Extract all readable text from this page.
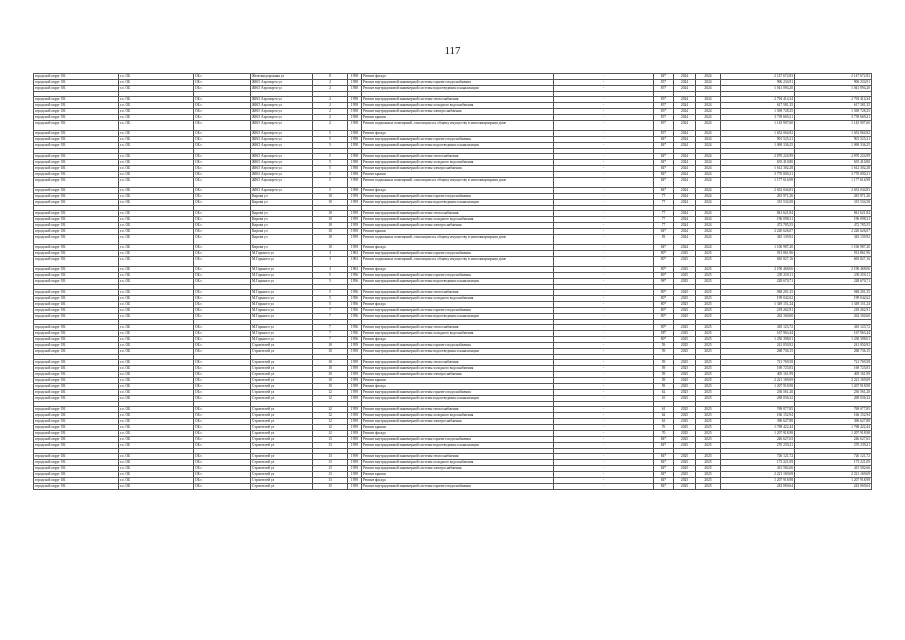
117
городской округ ОБ	г.о. ОБ	ОБ г.	Железнодорожная ул	8	1958	Ремонт фасада	-	84*	2024	2024	2 147 672,83	2 147 672,83
городской округ ОБ	г.о. ОБ	ОБ г.	ЖКО Аэропорта ул	2	1958	Ремонт внутридомовой инженерной системы горячего водоснабжения	-	83*	2024	2024	906 234,91	906 234,91
городской округ ОБ	г.о. ОБ	ОБ г.	ЖКО Аэропорта ул	2	1958	Ремонт внутридомовой инженерной системы водоотведения и канализации	-	83*	2024	2024	1 041 094,20	1 041 094,20

городской округ ОБ	г.о. ОБ	ОБ г.	ЖКО Аэропорта ул	2	1958	Ремонт внутридомовой инженерной системы теплоснабжения	-	83*	2024	2024	2 794 414,34	2 794 414,34
городской округ ОБ	г.о. ОБ	ОБ г.	ЖКО Аэропорта ул	2	1958	Ремонт внутридомовой инженерной системы холодного водоснабжения	-	83*	2024	2024	617 581,35	617 581,35
городской округ ОБ	г.о. ОБ	ОБ г.	ЖКО Аэропорта ул	2	1958	Ремонт внутридомовой инженерной системы электроснабжения	-	83*	2024	2024	1 569 728,25	1 569 728,25
городской округ ОБ	г.о. ОБ	ОБ г.	ЖКО Аэропорта ул	2	1958	Ремонт крыши	-	83*	2024	2024	3 739 669,21	3 739 669,21
городской округ ОБ	г.о. ОБ	ОБ г.	ЖКО Аэропорта ул	2	1958	Ремонт подвальных помещений, относящихся к общему имуществу в многоквартирном доме	-	83*	2024	2024	1 145 907,60	1 145 907,60
городской округ ОБ	г.о. ОБ	ОБ г.	ЖКО Аэропорта ул	5	1958	Ремонт фасада	-	83*	2024	2024	1 652 064,82	1 652 064,82
городской округ ОБ	г.о. ОБ	ОБ г.	ЖКО Аэропорта ул	5	1958	Ремонт внутридомовой инженерной системы горячего водоснабжения	-	84*	2024	2024	901 525,21	901 525,21
городской округ ОБ	г.о. ОБ	ОБ г.	ЖКО Аэропорта ул	5	1958	Ремонт внутридомовой инженерной системы водоотведения и канализации	-	84*	2024	2024	1 069 336,25	1 069 336,25

городской округ ОБ	г.о. ОБ	ОБ г.	ЖКО Аэропорта ул	5	1958	Ремонт внутридомовой инженерной системы теплоснабжения	-	84*	2024	2024	2 870 224,99	2 870 224,99
городской округ ОБ	г.о. ОБ	ОБ г.	ЖКО Аэропорта ул	5	1958	Ремонт внутридомовой инженерной системы холодного водоснабжения	-	84*	2024	2024	635 410,80	635 410,80
городской округ ОБ	г.о. ОБ	ОБ г.	ЖКО Аэропорта ул	5	1958	Ремонт внутридомовой инженерной системы электроснабжения	-	84*	2024	2024	1 612 302,28	1 612 302,28
городской округ ОБ	г.о. ОБ	ОБ г.	ЖКО Аэропорта ул	5	1958	Ремонт крыши	-	84*	2024	2024	3 770 000,21	3 770 000,21
городской округ ОБ	г.о. ОБ	ОБ г.	ЖКО Аэропорта ул	5	1958	Ремонт подвальных помещений, относящихся к общему имуществу в многоквартирном доме	-	84*	2024	2024	1 177 616,98	1 177 616,98
городской округ ОБ	г.о. ОБ	ОБ г.	ЖКО Аэропорта ул	5	1958	Ремонт фасада	-	84*	2024	2024	2 652 044,83	2 652 044,83
городской округ ОБ	г.о. ОБ	ОБ г.	Кирова ул	10	1959	Ремонт внутридомовой инженерной системы горячего водоснабжения	-	77	2024	2024	281 971,26	281 971,26
городской округ ОБ	г.о. ОБ	ОБ г.	Кирова ул	10	1959	Ремонт внутридомовой инженерной системы водоотведения и канализации	-	77	2024	2024	315 534,58	315 534,58

городской округ ОБ	г.о. ОБ	ОБ г.	Кирова ул	10	1959	Ремонт внутридомовой инженерной системы теплоснабжения	-	77	2024	2024	841 621,84	841 621,84
городской округ ОБ	г.о. ОБ	ОБ г.	Кирова ул	10	1959	Ремонт внутридомовой инженерной системы холодного водоснабжения	-	77	2024	2024	196 098,31	196 098,31
городской округ ОБ	г.о. ОБ	ОБ г.	Кирова ул	10	1959	Ремонт внутридомовой инженерной системы электроснабжения	-	77	2024	2024	472 785,55	472 785,55
городской округ ОБ	г.о. ОБ	ОБ г.	Кирова ул	10	1959	Ремонт крыши	-	84*	2024	2024	2 220 626,07	2 220 626,07
городской округ ОБ	г.о. ОБ	ОБ г.	Кирова ул	10	1959	Ремонт подвальных помещений, относящихся к общему имуществу в многоквартирном доме	-	83	2024	2024	345 139,92	345 139,92
городской округ ОБ	г.о. ОБ	ОБ г.	Кирова ул	10	1959	Ремонт фасада	-	84*	2024	2024	1 106 987,20	1 106 987,20
городской округ ОБ	г.о. ОБ	ОБ г.	М.Горького ул	3	1963	Ремонт внутридомовой инженерной системы горячего водоснабжения	-	80*	2025	2025	913 861,96	913 861,96
городской округ ОБ	г.о. ОБ	ОБ г.	М.Горького ул	3	1963	Ремонт подвальных помещений, относящихся к общему имуществу в многоквартирном доме	-	80*	2025	2025	665 827,16	665 827,16
городской округ ОБ	г.о. ОБ	ОБ г.	М.Горького ул	3	1963	Ремонт фасада	-	80*	2025	2025	2 190 468,06	2 190 468,06
городской округ ОБ	г.о. ОБ	ОБ г.	М.Горького ул	5	1956	Ремонт внутридомовой инженерной системы горячего водоснабжения	-	80*	2025	2025	239 250,11	239 250,11
городской округ ОБ	г.о. ОБ	ОБ г.	М.Горького ул	5	1956	Ремонт внутридомовой инженерной системы водоотведения и канализации	-	98*	2025	2025	228 670,71	228 670,71

городской округ ОБ	г.о. ОБ	ОБ г.	М.Горького ул	5	1956	Ремонт внутридомовой инженерной системы теплоснабжения	-	80*	2025	2025	948 201,35	948 201,35
городской округ ОБ	г.о. ОБ	ОБ г.	М.Горького ул	5	1956	Ремонт внутридомовой инженерной системы холодного водоснабжения	-	80*	2025	2025	199 042,62	199 042,62
городской округ ОБ	г.о. ОБ	ОБ г.	М.Горького ул	5	1956	Ремонт фасада	-	80*	2025	2025	1 349 151,24	1 349 151,24
городской округ ОБ	г.о. ОБ	ОБ г.	М.Горького ул	7	1956	Ремонт внутридомовой инженерной системы горячего водоснабжения	-	80*	2025	2025	218 262,91	218 262,91
городской округ ОБ	г.о. ОБ	ОБ г.	М.Горького ул	7	1956	Ремонт внутридомовой инженерной системы водоотведения и канализации	-	80*	2025	2025	262 160,60	262 160,60

городской округ ОБ	г.о. ОБ	ОБ г.	М.Горького ул	7	1956	Ремонт внутридомовой инженерной системы теплоснабжения	-	80*	2025	2025	410 123,72	410 123,72
городской округ ОБ	г.о. ОБ	ОБ г.	М.Горького ул	7	1956	Ремонт внутридомовой инженерной системы холодного водоснабжения	-	58*	2025	2025	167 963,44	167 963,44
городской округ ОБ	г.о. ОБ	ОБ г.	М.Горького ул	7	1956	Ремонт фасада	-	80*	2025	2025	1 250 398,01	1 250 398,01
городской округ ОБ	г.о. ОБ	ОБ г.	Строителей ул	10	1959	Ремонт внутридомовой инженерной системы горячего водоснабжения	-	59	2025	2025	241 050,92	241 050,92
городской округ ОБ	г.о. ОБ	ОБ г.	Строителей ул	10	1959	Ремонт внутридомовой инженерной системы водоотведения и канализации	-	59	2025	2025	268 736,15	268 736,15

городской округ ОБ	г.о. ОБ	ОБ г.	Строителей ул	10	1959	Ремонт внутридомовой инженерной системы теплоснабжения	-	59	2025	2025	721 769,58	721 769,58
городской округ ОБ	г.о. ОБ	ОБ г.	Строителей ул	10	1959	Ремонт внутридомовой инженерной системы холодного водоснабжения	-	59	2025	2025	169 725,83	169 725,83
городской округ ОБ	г.о. ОБ	ОБ г.	Строителей ул	10	1959	Ремонт внутридомовой инженерной системы электроснабжения	-	59	2025	2025	405 161,99	405 161,99
городской округ ОБ	г.о. ОБ	ОБ г.	Строителей ул	10	1959	Ремонт крыши	-	59	2025	2025	2 221 169,69	2 221 169,69
городской округ ОБ	г.о. ОБ	ОБ г.	Строителей ул	10	1959	Ремонт фасада	-	59	2025	2025	1 207 918,98	1 207 918,98
городской округ ОБ	г.о. ОБ	ОБ г.	Строителей ул	12	1959	Ремонт внутридомовой инженерной системы горячего водоснабжения	-	62	2025	2025	236 561,20	236 561,20
городской округ ОБ	г.о. ОБ	ОБ г.	Строителей ул	12	1959	Ремонт внутридомовой инженерной системы водоотведения и канализации	-	10	2025	2025	269 036,32	269 036,32

городской округ ОБ	г.о. ОБ	ОБ г.	Строителей ул	12	1959	Ремонт внутридомовой инженерной системы теплоснабжения	-	61	2025	2025	769 077,85	769 077,85
городской округ ОБ	г.о. ОБ	ОБ г.	Строителей ул	12	1959	Ремонт внутридомовой инженерной системы холодного водоснабжения	-	62	2025	2025	166 152,94	166 152,94
городской округ ОБ	г.о. ОБ	ОБ г.	Строителей ул	12	1959	Ремонт внутридомовой инженерной системы электроснабжения	-	63	2025	2025	396 627,88	396 627,88
городской округ ОБ	г.о. ОБ	ОБ г.	Строителей ул	12	1959	Ремонт крыши	-	70	2025	2025	1 768 422,44	1 768 422,44
городской округ ОБ	г.о. ОБ	ОБ г.	Строителей ул	12	1959	Ремонт фасада	-	70	2025	2025	1 207 918,98	1 207 918,98
городской округ ОБ	г.о. ОБ	ОБ г.	Строителей ул	13	1959	Ремонт внутридомовой инженерной системы горячего водоснабжения	-	84*	2025	2025	246 627,63	246 627,63
городской округ ОБ	г.о. ОБ	ОБ г.	Строителей ул	13	1959	Ремонт внутридомовой инженерной системы водоотведения и канализации	-	84*	2025	2025	270 239,21	270 239,21

городской округ ОБ	г.о. ОБ	ОБ г.	Строителей ул	13	1959	Ремонт внутридомовой инженерной системы теплоснабжения	-	84*	2025	2025	726 121,72	726 121,72
городской округ ОБ	г.о. ОБ	ОБ г.	Строителей ул	13	1959	Ремонт внутридомовой инженерной системы холодного водоснабжения	-	84*	2025	2025	173 221,09	173 221,09
городской округ ОБ	г.о. ОБ	ОБ г.	Строителей ул	13	1959	Ремонт внутридомовой инженерной системы электроснабжения	-	84*	2025	2025	415 582,66	415 582,66
городской округ ОБ	г.о. ОБ	ОБ г.	Строителей ул	13	1959	Ремонт крыши	-	84*	2025	2025	2 221 169,69	2 221 169,69
городской округ ОБ	г.о. ОБ	ОБ г.	Строителей ул	13	1959	Ремонт фасада	-	84*	2025	2025	1 207 918,98	1 207 918,98
городской округ ОБ	г.о. ОБ	ОБ г.	Строителей ул	15	1959	Ремонт внутридомовой инженерной системы горячего водоснабжения	-	84*	2025	2025	243 069,64	243 069,64
